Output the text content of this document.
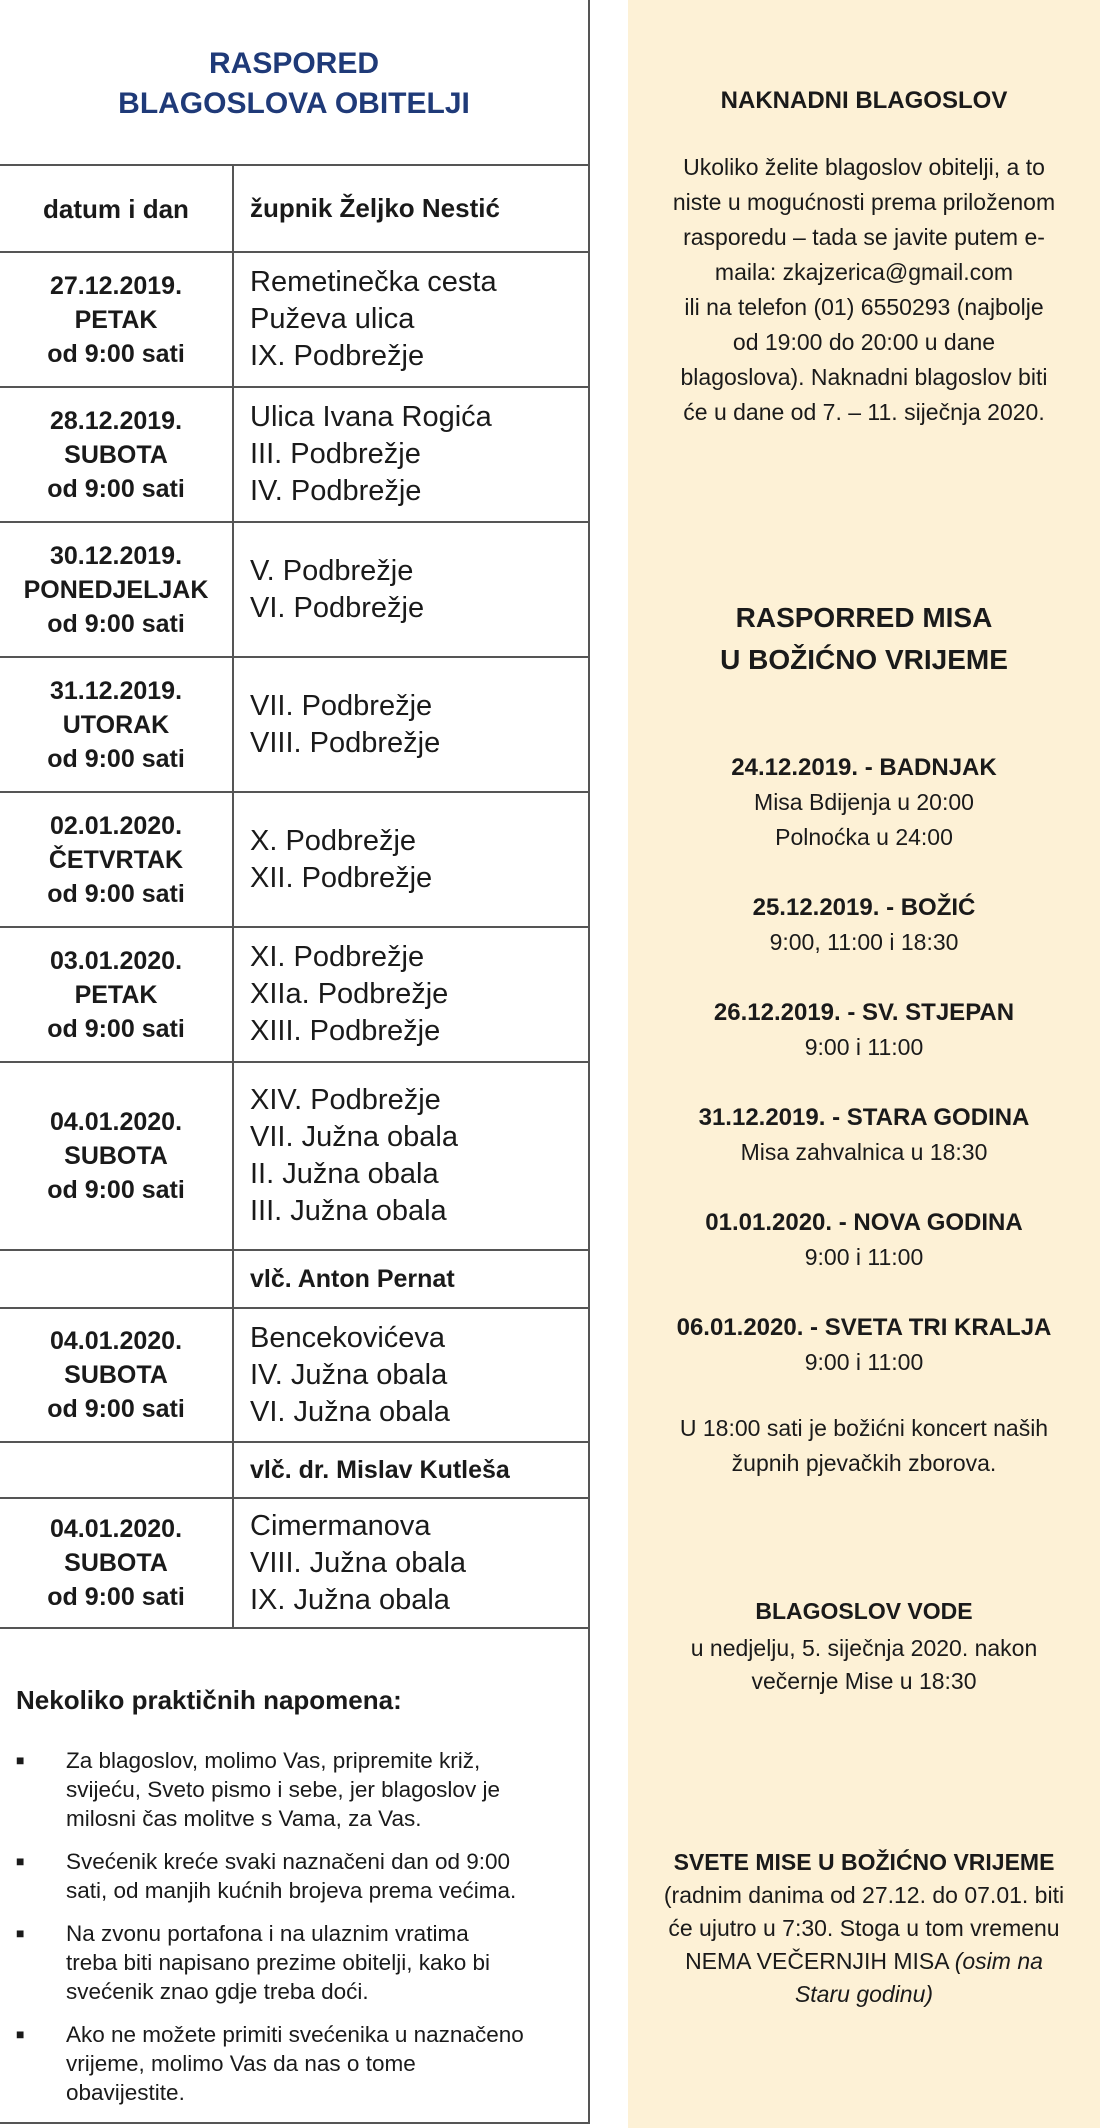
RASPORED
BLAGOSLOVA OBITELJI
datum i dan	župnik Željko Nestić
27.12.2019.
PETAK
od 9:00 sati
Remetinečka cesta
Puževa ulica
IX. Podbrežje
28.12.2019.
SUBOTA
od 9:00 sati
Ulica Ivana Rogića
III. Podbrežje
IV. Podbrežje
30.12.2019.
PONEDJELJAK
od 9:00 sati
V. Podbrežje
VI. Podbrežje
31.12.2019.
UTORAK
od 9:00 sati
VII. Podbrežje
VIII. Podbrežje
02.01.2020.
ČETVRTAK
od 9:00 sati
X. Podbrežje
XII. Podbrežje
03.01.2020.
PETAK
od 9:00 sati
XI. Podbrežje
XIIa. Podbrežje
XIII. Podbrežje
04.01.2020.
SUBOTA
od 9:00 sati
XIV. Podbrežje
VII. Južna obala
II. Južna obala
III. Južna obala
vlč. Anton Pernat
04.01.2020.
SUBOTA
od 9:00 sati
Bencekovićeva
IV. Južna obala
VI. Južna obala
vlč. dr. Mislav Kutleša
04.01.2020.
SUBOTA
od 9:00 sati
Cimermanova
VIII. Južna obala
IX. Južna obala
Nekoliko praktičnih napomena:
■ Za blagoslov, molimo Vas, pripremite križ,
svijeću, Sveto pismo i sebe, jer blagoslov je
milosni čas molitve s Vama, za Vas.
■ Svećenik kreće svaki naznačeni dan od 9:00
sati, od manjih kućnih brojeva prema većima.
■ Na zvonu portafona i na ulaznim vratima
treba biti napisano prezime obitelji, kako bi
svećenik znao gdje treba doći.
■ Ako ne možete primiti svećenika u naznačeno
vrijeme, molimo Vas da nas o tome
obavijestite.
NAKNADNI BLAGOSLOV
Ukoliko želite blagoslov obitelji, a to
niste u mogućnosti prema priloženom
rasporedu – tada se javite putem e-
maila: zkajzerica@gmail.com
ili na telefon (01) 6550293 (najbolje
od 19:00 do 20:00 u dane
blagoslova). Naknadni blagoslov biti
će u dane od 7. – 11. siječnja 2020.
RASPORRED MISA
U BOŽIĆNO VRIJEME
24.12.2019. - BADNJAK
Misa Bdijenja u 20:00
Polnoćka u 24:00
25.12.2019. - BOŽIĆ
9:00, 11:00 i 18:30
26.12.2019. - SV. STJEPAN
9:00 i 11:00
31.12.2019. - STARA GODINA
Misa zahvalnica u 18:30
01.01.2020. - NOVA GODINA
9:00 i 11:00
06.01.2020. - SVETA TRI KRALJA
9:00 i 11:00
U 18:00 sati je božićni koncert naših
župnih pjevačkih zborova.
BLAGOSLOV VODE
u nedjelju, 5. siječnja 2020. nakon
večernje Mise u 18:30
SVETE MISE U BOŽIĆNO VRIJEME
(radnim danima od 27.12. do 07.01. biti
će ujutro u 7:30. Stoga u tom vremenu
NEMA VEČERNJIH MISA (osim na
Staru godinu)
